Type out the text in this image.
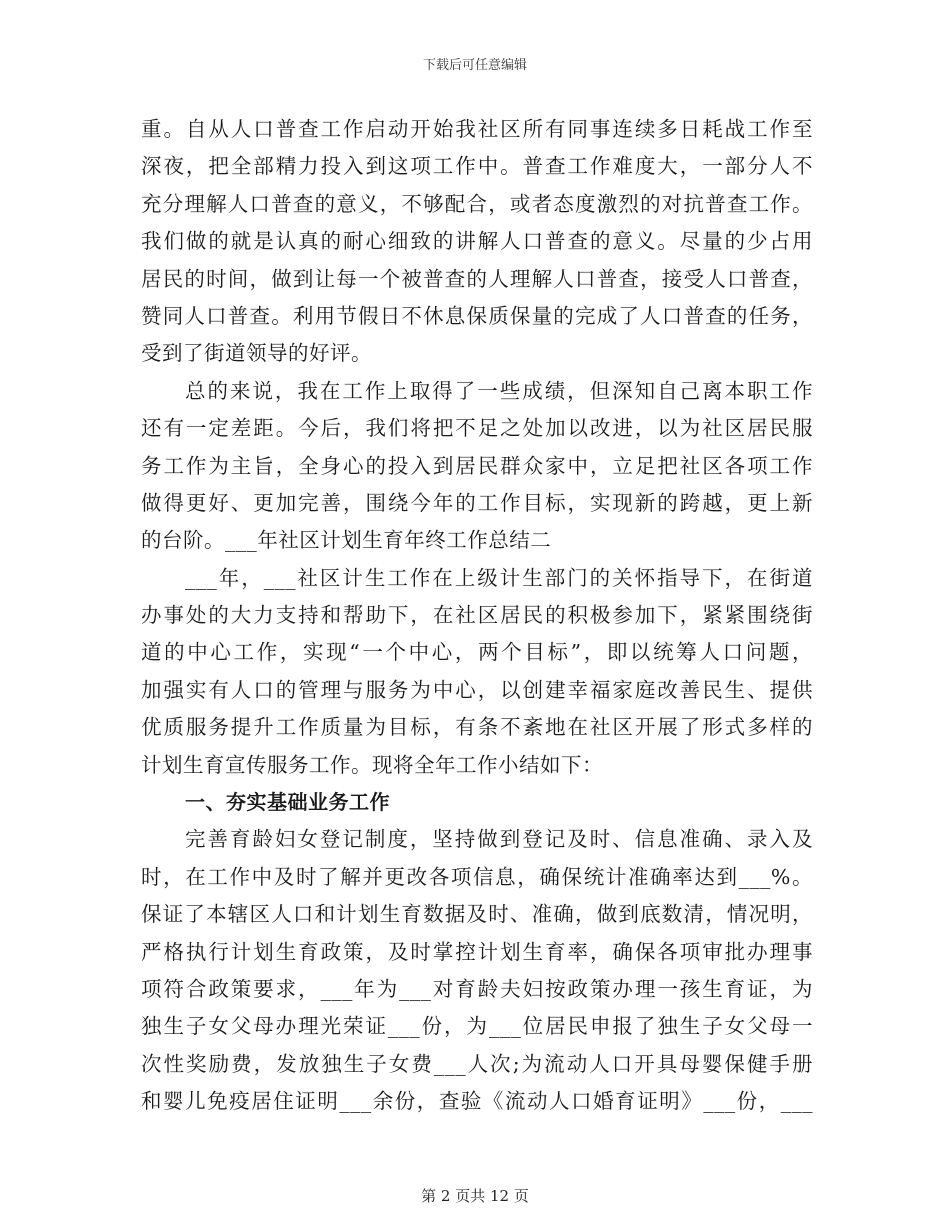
下载后可任意编辑
重。自从人口普查工作启动开始我社区所有同事连续多日耗战工作至
深夜，把全部精力投入到这项工作中。普查工作难度大，一部分人不
充分理解人口普查的意义，不够配合，或者态度激烈的对抗普查工作。
我们做的就是认真的耐心细致的讲解人口普查的意义。尽量的少占用
居民的时间，做到让每一个被普查的人理解人口普查，接受人口普查，
赞同人口普查。利用节假日不休息保质保量的完成了人口普查的任务，
受到了街道领导的好评。
总的来说，我在工作上取得了一些成绩，但深知自己离本职工作
还有一定差距。今后，我们将把不足之处加以改进，以为社区居民服
务工作为主旨，全身心的投入到居民群众家中，立足把社区各项工作
做得更好、更加完善，围绕今年的工作目标，实现新的跨越，更上新
的台阶。___年社区计划生育年终工作总结二
___年，___社区计生工作在上级计生部门的关怀指导下，在街道
办事处的大力支持和帮助下，在社区居民的积极参加下，紧紧围绕街
道的中心工作，实现“一个中心，两个目标”，即以统筹人口问题，
加强实有人口的管理与服务为中心，以创建幸福家庭改善民生、提供
优质服务提升工作质量为目标，有条不紊地在社区开展了形式多样的
计划生育宣传服务工作。现将全年工作小结如下：
一、夯实基础业务工作
完善育龄妇女登记制度，坚持做到登记及时、信息准确、录入及
时，在工作中及时了解并更改各项信息，确保统计准确率达到___%。
保证了本辖区人口和计划生育数据及时、准确，做到底数清，情况明，
严格执行计划生育政策，及时掌控计划生育率，确保各项审批办理事
项符合政策要求，___年为___对育龄夫妇按政策办理一孩生育证，为
独生子女父母办理光荣证___份，为___位居民申报了独生子女父母一
次性奖励费，发放独生子女费___人次;为流动人口开具母婴保健手册
和婴儿免疫居住证明___余份，查验《流动人口婚育证明》___份，___
第 2 页共 12 页
